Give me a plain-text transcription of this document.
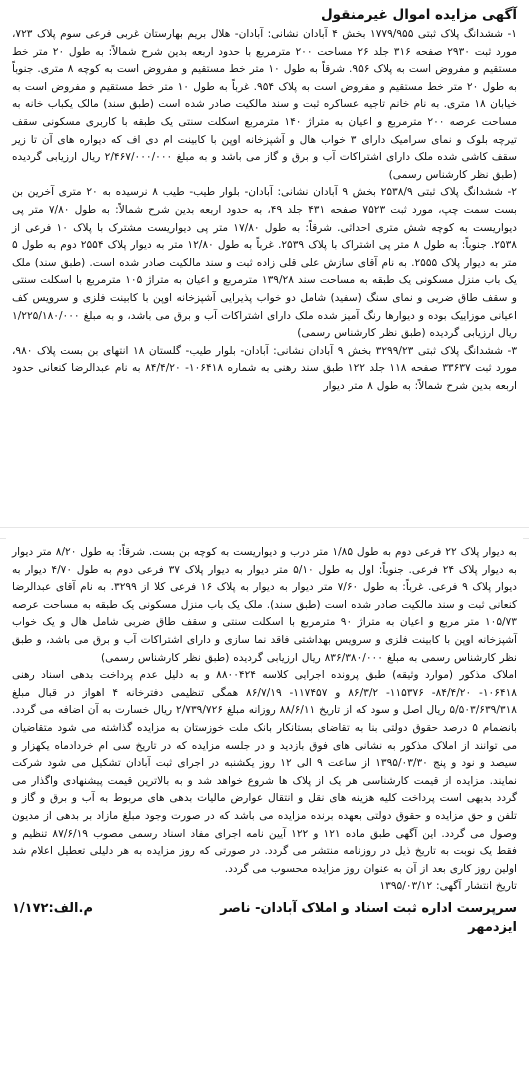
آگهی مزایده اموال غیرمنقول

۱- ششدانگ پلاک ثبتی ۱۷۷۹/۹۵۵ بخش ۴ آبادان نشانی: آبادان- هلال بریم بهارستان غربی فرعی سوم پلاک ۷۲۳، مورد ثبت ۲۹۳۰ صفحه ۳۱۶ جلد ۲۶ مساحت ۲۰۰ مترمربع با حدود اربعه بدین شرح شمالاً: به طول ۲۰ متر خط مستقیم و مفروض است به پلاک ۹۵۶. شرقاً به طول ۱۰ متر خط مستقیم و مفروض است به کوچه ۸ متری. جنوباً به طول ۲۰ متر خط مستقیم و مفروض است به پلاک ۹۵۴. غرباً به طول ۱۰ متر خط مستقیم و مفروض است به خیابان ۱۸ متری. به نام خانم تاجیه عساکره ثبت و سند مالکیت صادر شده است (طبق سند) مالک یکباب خانه به مساحت عرصه ۲۰۰ مترمربع و اعیان به متراژ ۱۴۰ مترمربع اسکلت سنتی یک طبقه با کاربری مسکونی سقف تیرچه بلوک و نمای سرامیک دارای ۳ خواب هال و آشپزخانه اوپن با کابینت ام دی اف که دیواره های آن تا زیر سقف کاشی شده ملک دارای اشتراکات آب و برق و گاز می باشد و به مبلغ ۲/۴۶۷/۰۰۰/۰۰۰ ریال ارزیابی گردیده (طبق نظر کارشناس رسمی)

۲- ششدانگ پلاک ثبتی ۲۵۳۸/۹ بخش ۹ آبادان نشانی: آبادان- بلوار طیب- طیب ۸ نرسیده به ۲۰ متری آخرین بن بست سمت چپ، مورد ثبت ۷۵۲۳ صفحه ۴۳۱ جلد ۴۹، به حدود اربعه بدین شرح شمالاً: به طول ۷/۸۰ متر پی دیواریست به کوچه شش متری احداثی. شرقاً: به طول ۱۷/۸۰ متر پی دیواریست مشترک با پلاک ۱۰ فرعی از ۲۵۳۸. جنوباً: به طول ۸ متر پی اشتراک با پلاک ۲۵۳۹. غرباً به طول ۱۲/۸۰ متر به دیوار پلاک ۲۵۵۴ دوم به طول ۵ متر به دیوار پلاک ۲۵۵۵. به نام آقای سازش علی قلی زاده ثبت و سند مالکیت صادر شده است. (طبق سند) ملک یک باب منزل مسکونی یک طبقه به مساحت سند ۱۳۹/۲۸ مترمربع و اعیان به متراژ ۱۰۵ مترمربع با اسکلت سنتی و سقف طاق ضربی و نمای سنگ (سفید) شامل دو خواب پذیرایی آشپزخانه اوپن با کابینت فلزی و سرویس کف اعیانی موزاییک بوده و دیوارها رنگ آمیز شده ملک دارای اشتراکات آب و برق می باشد، و به مبلغ ۱/۲۲۵/۱۸۰/۰۰۰ ریال ارزیابی گردیده (طبق نظر کارشناس رسمی)

۳- ششدانگ پلاک ثبتی ۳۲۹۹/۲۳ بخش ۹ آبادان نشانی: آبادان- بلوار طیب- گلستان ۱۸ انتهای بن بست پلاک ۹۸۰، مورد ثبت ۳۳۶۳۷ صفحه ۱۱۸ جلد ۱۲۲ طبق سند رهنی به شماره ۱۰۶۴۱۸- ۸۴/۴/۲۰ به نام عبدالرضا کنعانی حدود اربعه بدین شرح شمالاً: به طول ۸ متر دیوار

به دیوار پلاک ۲۲ فرعی دوم به طول ۱/۸۵ متر درب و دیواریست به کوچه بن بست. شرقاً: به طول ۸/۲۰ متر دیوار به دیوار پلاک ۲۴ فرعی. جنوباً: اول به طول ۵/۱۰ متر دیوار به دیوار پلاک ۳۷ فرعی دوم به طول ۴/۷۰ دیوار به دیوار پلاک ۹ فرعی. غرباً: به طول ۷/۶۰ متر دیوار به دیوار به پلاک ۱۶ فرعی کلا از ۳۲۹۹. به نام آقای عبدالرضا کنعانی ثبت و سند مالکیت صادر شده است (طبق سند). ملک یک باب منزل مسکونی یک طبقه به مساحت عرصه ۱۰۵/۷۳ متر مربع و اعیان به متراژ ۹۰ مترمربع با اسکلت سنتی و سقف طاق ضربی شامل هال و یک خواب آشپزخانه اوپن با کابینت فلزی و سرویس بهداشتی فاقد نما سازی و دارای اشتراکات آب و برق می باشد، و طبق نظر کارشناس رسمی به مبلغ ۸۳۶/۳۸۰/۰۰۰ ریال ارزیابی گردیده (طبق نظر کارشناس رسمی)

املاک مذکور (موارد وثیقه) طبق پرونده اجرایی کلاسه ۸۸۰۰۴۲۴ و به دلیل عدم پرداخت بدهی اسناد رهنی ۱۰۶۴۱۸- ۸۴/۴/۲۰- ۱۱۵۳۷۶- ۸۶/۳/۲ و ۱۱۷۴۵۷- ۸۶/۷/۱۹ همگی تنظیمی دفترخانه ۴ اهواز در قبال مبلغ ۵/۵۰۳/۶۳۹/۳۱۸ ریال اصل و سود که از تاریخ ۸۸/۶/۱۱ روزانه مبلغ ۲/۷۳۹/۷۲۶ ریال خسارت به آن اضافه می گردد. بانضمام ۵ درصد حقوق دولتی بنا به تقاضای بستانکار بانک ملت خوزستان به مزایده گذاشته می شود متقاضیان می توانند از املاک مذکور به نشانی های فوق بازدید و در جلسه مزایده که در تاریخ سی ام خردادماه یکهزار و سیصد و نود و پنج ۱۳۹۵/۰۳/۳۰ از ساعت ۹ الی ۱۲ روز یکشنبه در اجرای ثبت آبادان تشکیل می شود شرکت نمایند. مزایده از قیمت کارشناسی هر یک از پلاک ها شروع خواهد شد و به بالاترین قیمت پیشنهادی واگذار می گردد بدیهی است پرداخت کلیه هزینه های نقل و انتقال عوارض مالیات بدهی های مربوط به آب و برق و گاز و تلفن و حق مزایده و حقوق دولتی بعهده برنده مزایده می باشد که در صورت وجود مبلغ مازاد بر بدهی از مدیون وصول می گردد. این آگهی طبق ماده ۱۲۱ و ۱۲۲ آیین نامه اجرای مفاد اسناد رسمی مصوب ۸۷/۶/۱۹ تنظیم و فقط یک نوبت به تاریخ ذیل در روزنامه منتشر می گردد. در صورتی که روز مزایده به هر دلیلی تعطیل اعلام شد اولین روز کاری بعد از آن به عنوان روز مزایده محسوب می گردد.

تاریخ انتشار آگهی: ۱۳۹۵/۰۳/۱۲

سرپرست اداره ثبت اسناد و املاک آبادان- ناصر
ایزدمهر
م.الف:۱/۱۷۲
